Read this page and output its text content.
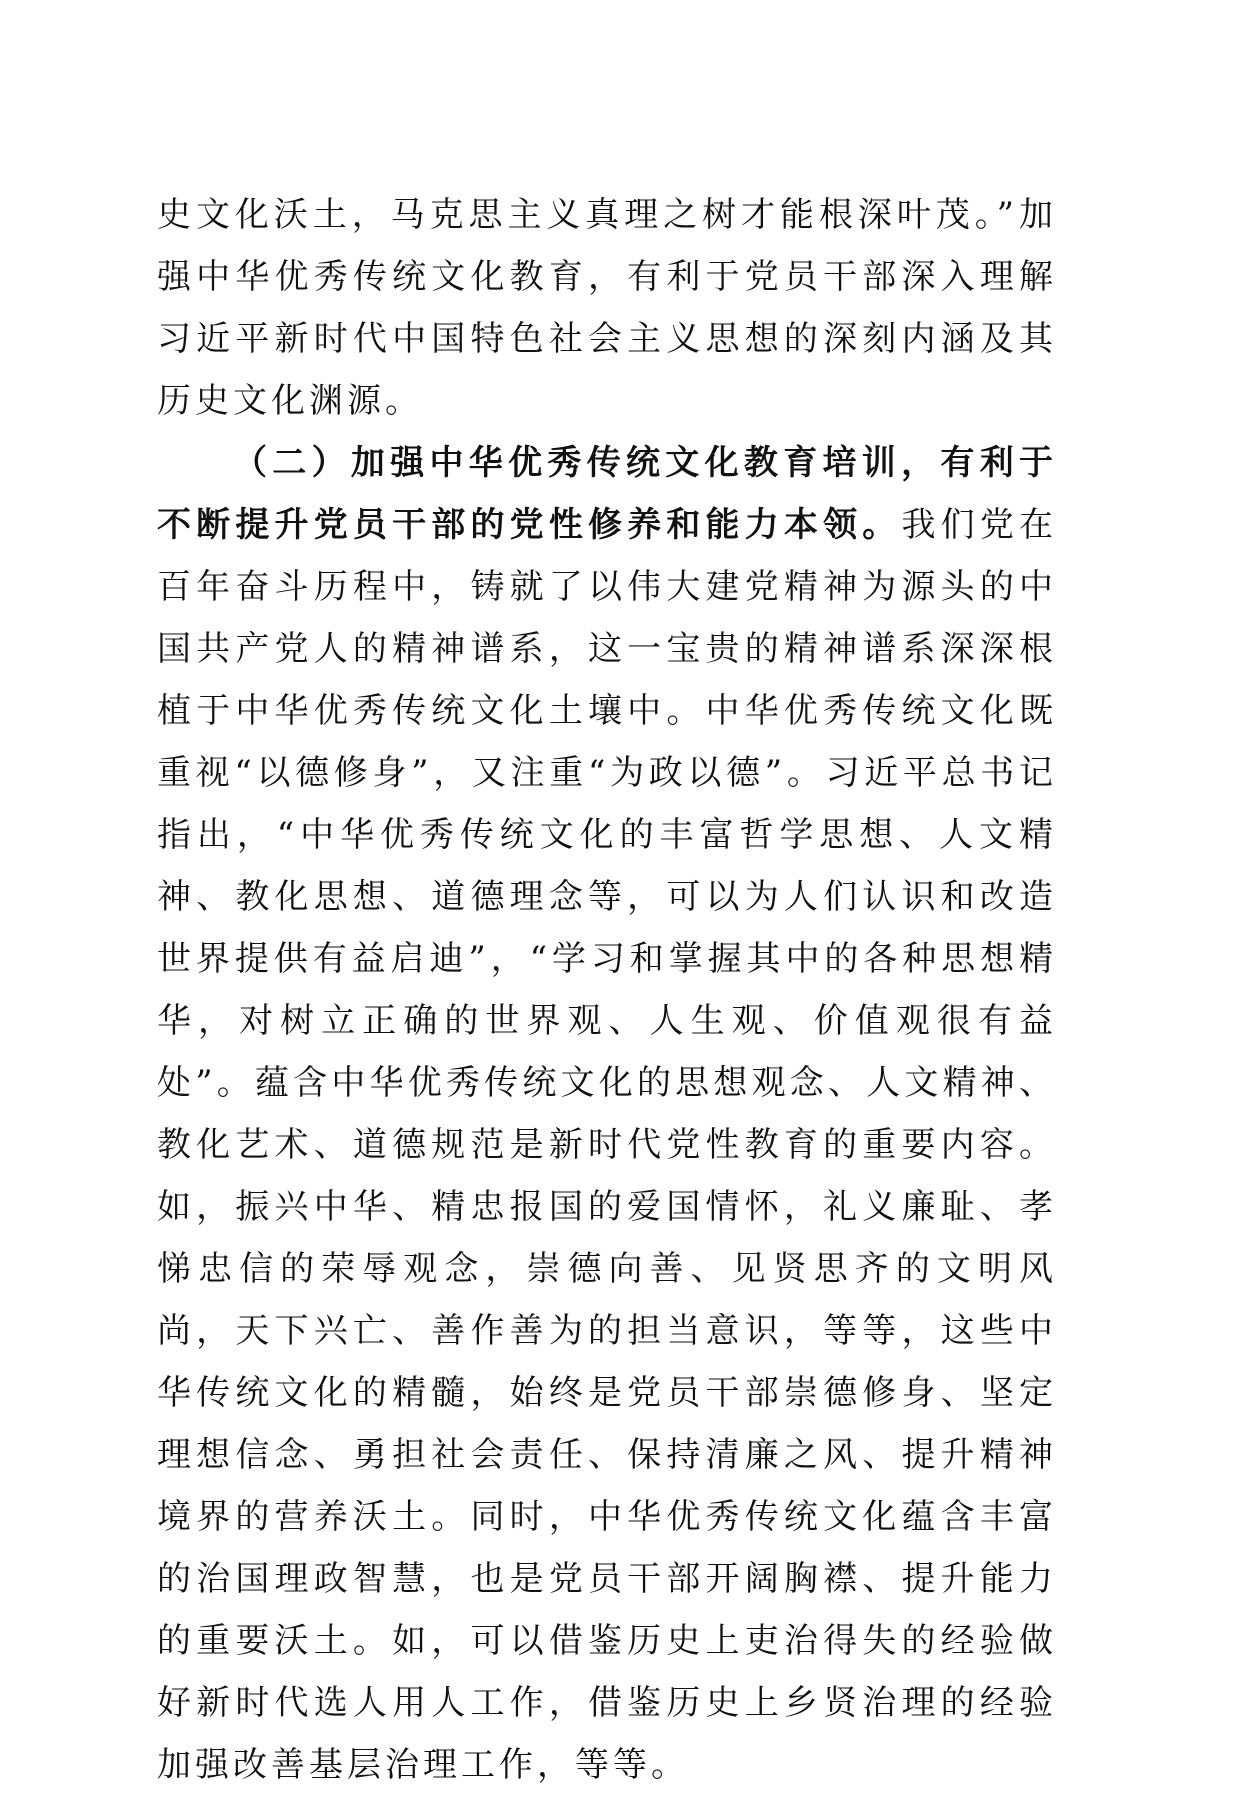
史文化沃土，马克思主义真理之树才能根深叶茂。”加强中华优秀传统文化教育，有利于党员干部深入理解习近平新时代中国特色社会主义思想的深刻内涵及其历史文化渊源。

（二）加强中华优秀传统文化教育培训，有利于不断提升党员干部的党性修养和能力本领。我们党在百年奋斗历程中，铸就了以伟大建党精神为源头的中国共产党人的精神谱系，这一宝贵的精神谱系深深根植于中华优秀传统文化土壤中。中华优秀传统文化既重视“以德修身”，又注重“为政以德”。习近平总书记指出，“中华优秀传统文化的丰富哲学思想、人文精神、教化思想、道德理念等，可以为人们认识和改造世界提供有益启迪”，“学习和掌握其中的各种思想精华，对树立正确的世界观、人生观、价值观很有益处”。蕴含中华优秀传统文化的思想观念、人文精神、教化艺术、道德规范是新时代党性教育的重要内容。如，振兴中华、精忠报国的爱国情怀，礼义廉耻、孝悌忠信的荣辱观念，崇德向善、见贤思齐的文明风尚，天下兴亡、善作善为的担当意识，等等，这些中华传统文化的精髓，始终是党员干部崇德修身、坚定理想信念、勇担社会责任、保持清廉之风、提升精神境界的营养沃土。同时，中华优秀传统文化蕴含丰富的治国理政智慧，也是党员干部开阔胸襟、提升能力的重要沃土。如，可以借鉴历史上吏治得失的经验做好新时代选人用人工作，借鉴历史上乡贤治理的经验加强改善基层治理工作，等等。
